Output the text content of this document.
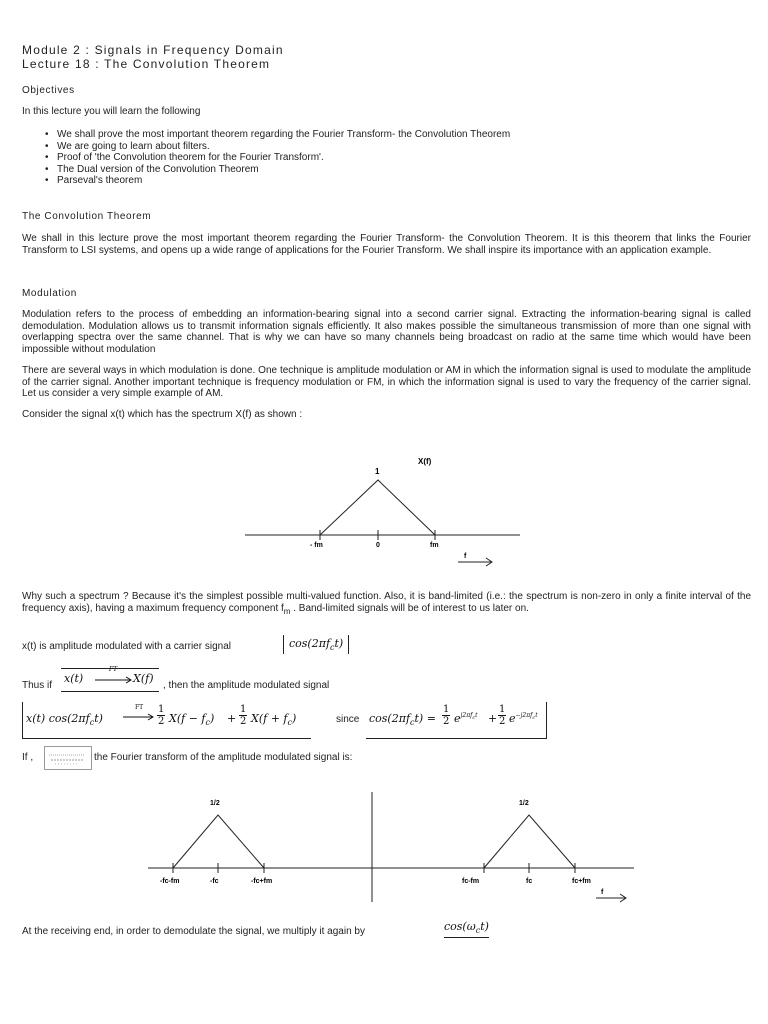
Module 2 : Signals in Frequency Domain
Lecture 18 : The Convolution Theorem
Objectives
In this lecture you will learn the following
• We shall prove the most important theorem regarding the Fourier Transform- the Convolution Theorem
• We are going to learn about filters.
• Proof of 'the Convolution theorem for the Fourier Transform'.
• The Dual version of the Convolution Theorem
• Parseval's theorem
The Convolution Theorem
We shall in this lecture prove the most important theorem regarding the Fourier Transform- the Convolution Theorem. It is this theorem that links the Fourier Transform to LSI systems, and opens up a wide range of applications for the Fourier Transform. We shall inspire its importance with an application example.
Modulation
Modulation refers to the process of embedding an information-bearing signal into a second carrier signal. Extracting the information-bearing signal is called demodulation. Modulation allows us to transmit information signals efficiently. It also makes possible the simultaneous transmission of more than one signal with overlapping spectra over the same channel. That is why we can have so many channels being broadcast on radio at the same time which would have been impossible without modulation
There are several ways in which modulation is done. One technique is amplitude modulation or AM in which the information signal is used to modulate the amplitude of the carrier signal. Another important technique is frequency modulation or FM, in which the information signal is used to vary the frequency of the carrier signal. Let us consider a very simple example of AM.
Consider the signal x(t) which has the spectrum X(f) as shown :
X(f)
1
- fm	0	fm
f
Why such a spectrum ? Because it's the simplest possible multi-valued function. Also, it is band-limited (i.e.: the spectrum is non-zero in only a finite interval of the frequency axis), having a maximum frequency component $f_m$ . Band-limited signals will be of interest to us later on.
x(t) is amplitude modulated with a carrier signal	$\cos(2\pi f_ct)$
Thus if
x(t)	X(f)
FT
, then the amplitude modulated signal
x(t) $\cos(2\pi f_ct)$
FT $\frac{1}{2} X(f - f_c) + \frac{1}{2} X(f + f_c)$	since $\cos(2\pi f_ct) = \frac{1}{2} e^{j2\pi f_ct} + \frac{1}{2} e^{-j2\pi f_ct}$
If ,	the Fourier transform of the amplitude modulated signal is:
1/2	1/2
-fc-fm	-fc	-fc+fm	fc-fm	fc	fc+fm
f
At the receiving end, in order to demodulate the signal, we multiply it again by	$\cos(\omega_ct)$
